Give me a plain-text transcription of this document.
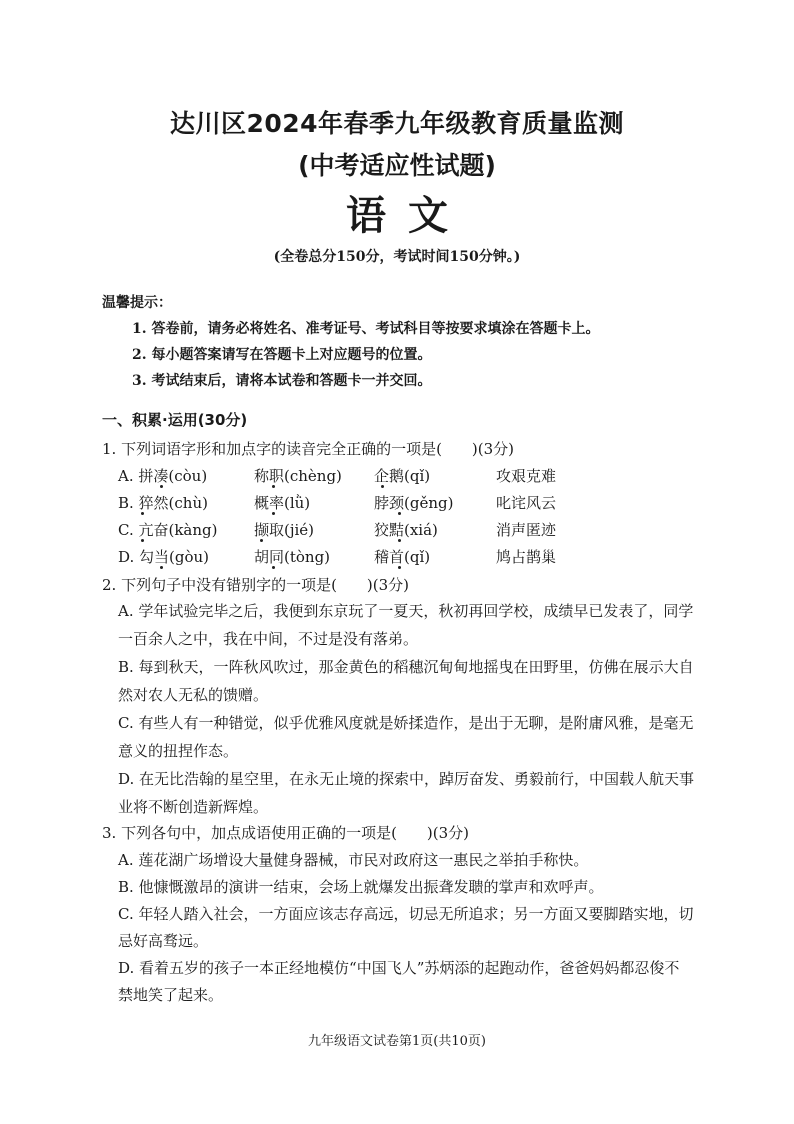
达川区2024年春季九年级教育质量监测
(中考适应性试题)
语文
(全卷总分150分，考试时间150分钟。)
温馨提示：
1. 答卷前，请务必将姓名、准考证号、考试科目等按要求填涂在答题卡上。
2. 每小题答案请写在答题卡上对应题号的位置。
3. 考试结束后，请将本试卷和答题卡一并交回。
一、积累·运用(30分)
1. 下列词语字形和加点字的读音完全正确的一项是(　　)(3分)
A. 拼凑(còu)	称职(chèng) 企鹅(qǐ)	攻艰克难
B. 猝然(chù)	概率(lǜ)	脖颈(gěng)	叱诧风云
C. 亢奋(kàng) 撷取(jié)	狡黠(xiá)	消声匿迹
D. 勾当(gòu)	胡同(tòng)	稽首(qǐ)	鸠占鹊巢
2. 下列句子中没有错别字的一项是(　　)(3分)
A. 学年试验完毕之后，我便到东京玩了一夏天，秋初再回学校，成绩早已发表了，同学
一百余人之中，我在中间，不过是没有落弟。
B. 每到秋天，一阵秋风吹过，那金黄色的稻穗沉甸甸地摇曳在田野里，仿佛在展示大自
然对农人无私的馈赠。
C. 有些人有一种错觉，似乎优雅风度就是娇揉造作，是出于无聊，是附庸风雅，是毫无
意义的扭捏作态。
D. 在无比浩翰的星空里，在永无止境的探索中，踔厉奋发、勇毅前行，中国载人航天事
业将不断创造新辉煌。
3. 下列各句中，加点成语使用正确的一项是(　　)(3分)
A. 莲花湖广场增设大量健身器械，市民对政府这一惠民之举拍手称快。
B. 他慷慨激昂的演讲一结束，会场上就爆发出振聋发聩的掌声和欢呼声。
C. 年轻人踏入社会，一方面应该志存高远，切忌无所追求；另一方面又要脚踏实地，切
忌好高骛远。
D. 看着五岁的孩子一本正经地模仿“中国飞人”苏炳添的起跑动作，爸爸妈妈都忍俊不
禁地笑了起来。
九年级语文试卷第1页(共10页)
